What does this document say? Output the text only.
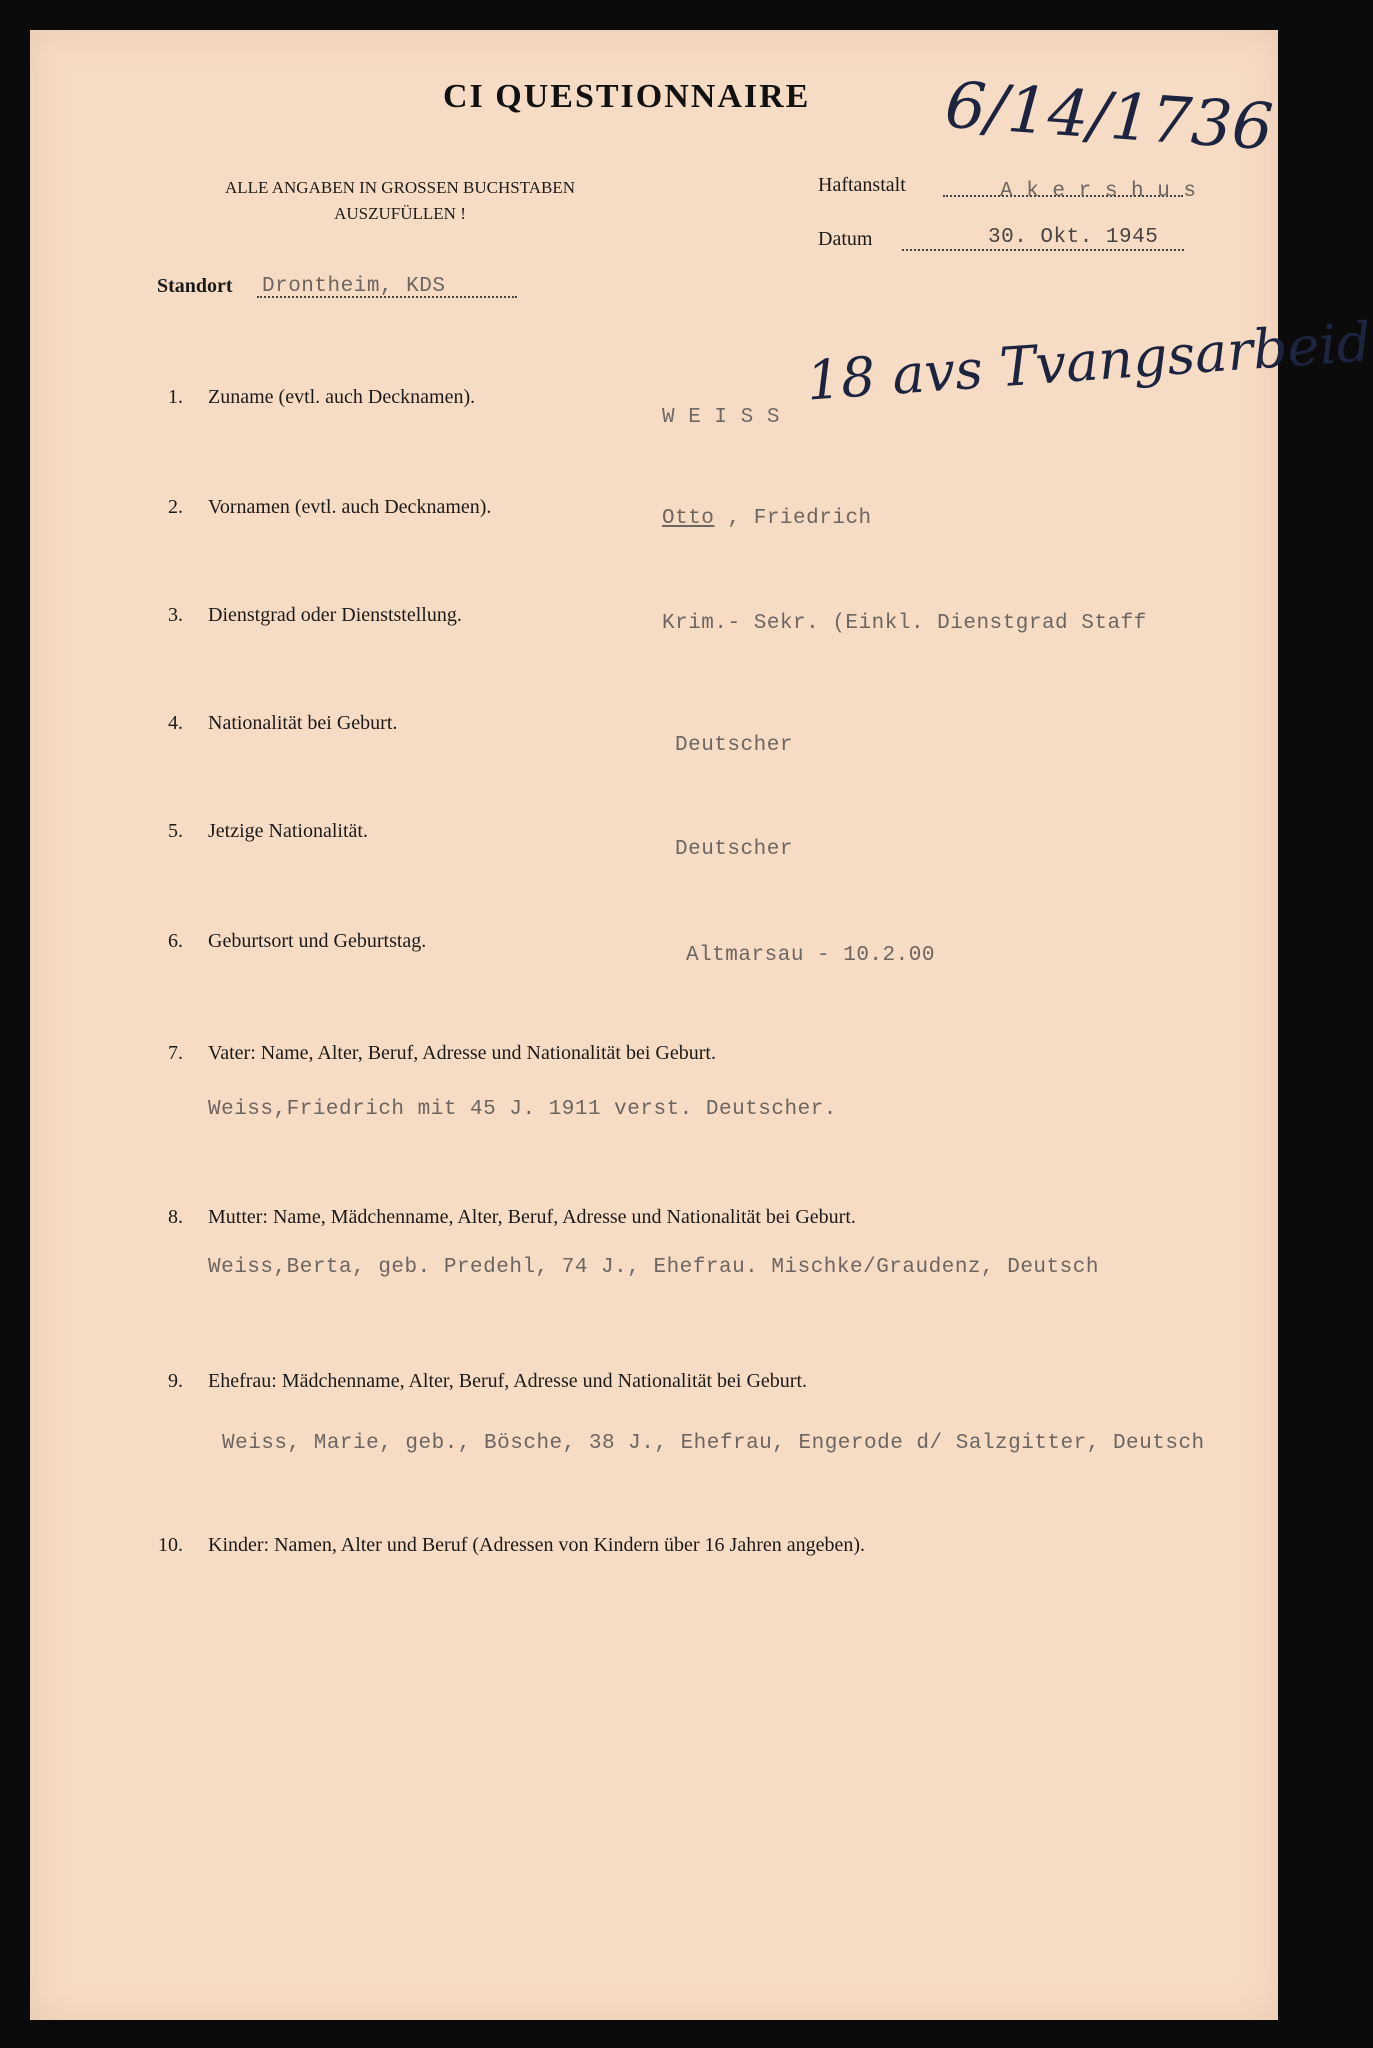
CI QUESTIONNAIRE 6/14/1736
ALLE ANGABEN IN GROSSEN BUCHSTABEN
AUSZUFÜLLEN !
Haftanstalt	A k e r s h u s
Datum	30. Okt. 1945
Standort Drontheim, KDS
18 avs Tvangsarbeid
1. Zuname (evtl. auch Decknamen).
W E I S S
2. Vornamen (evtl. auch Decknamen).	Otto , Friedrich
3. Dienstgrad oder Dienststellung.	Krim.- Sekr. (Einkl. Dienstgrad Staff
4. Nationalität bei Geburt.
Deutscher
5. Jetzige Nationalität.
Deutscher
6. Geburtsort und Geburtstag.
Altmarsau - 10.2.00
7. Vater: Name, Alter, Beruf, Adresse und Nationalität bei Geburt.
Weiss,Friedrich mit 45 J. 1911 verst. Deutscher.
8. Mutter: Name, Mädchenname, Alter, Beruf, Adresse und Nationalität bei Geburt.
Weiss,Berta, geb. Predehl, 74 J., Ehefrau. Mischke/Graudenz, Deutsch
9. Ehefrau: Mädchenname, Alter, Beruf, Adresse und Nationalität bei Geburt.
Weiss, Marie, geb., Bösche, 38 J., Ehefrau, Engerode d/ Salzgitter, Deutsch
10. Kinder: Namen, Alter und Beruf (Adressen von Kindern über 16 Jahren angeben).
